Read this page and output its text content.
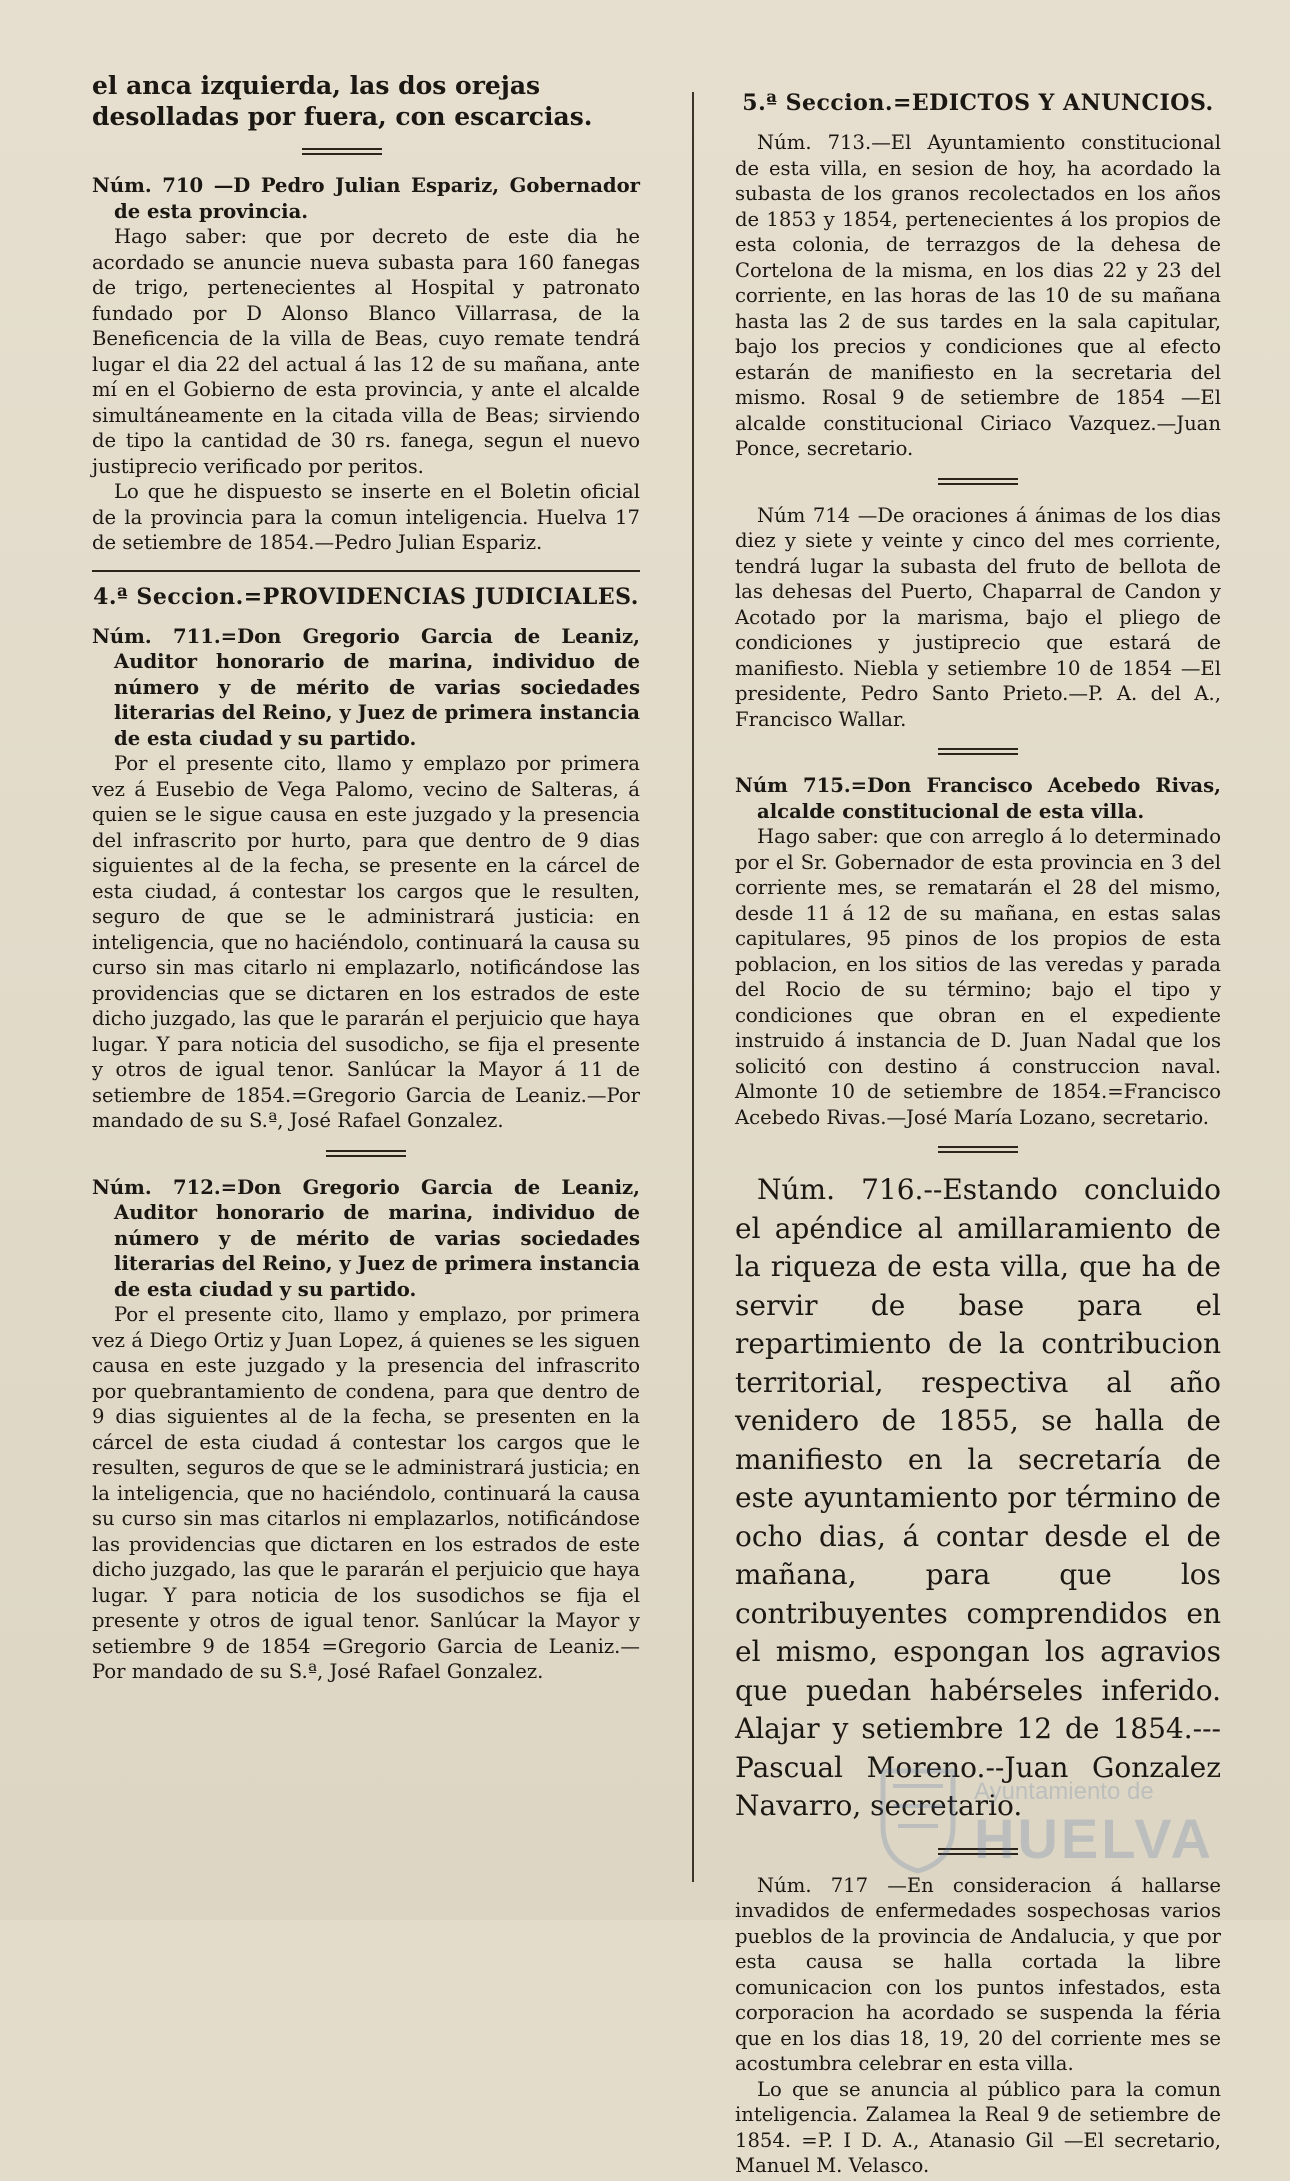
el anca izquierda, las dos orejas desolladas por fuera, con escarcias.

Núm. 710 —D Pedro Julian Espariz, Gobernador de esta provincia.

Hago saber: que por decreto de este dia he acordado se anuncie nueva subasta para 160 fanegas de trigo, pertenecientes al Hospital y patronato fundado por D Alonso Blanco Villarrasa, de la Beneficencia de la villa de Beas, cuyo remate tendrá lugar el dia 22 del actual á las 12 de su mañana, ante mí en el Gobierno de esta provincia, y ante el alcalde simultáneamente en la citada villa de Beas; sirviendo de tipo la cantidad de 30 rs. fanega, segun el nuevo justiprecio verificado por peritos.

Lo que he dispuesto se inserte en el Boletin oficial de la provincia para la comun inteligencia. Huelva 17 de setiembre de 1854.—Pedro Julian Espariz.

4.ª Seccion.=PROVIDENCIAS JUDICIALES.

Núm. 711.=Don Gregorio Garcia de Leaniz, Auditor honorario de marina, individuo de número y de mérito de varias sociedades literarias del Reino, y Juez de primera instancia de esta ciudad y su partido.

Por el presente cito, llamo y emplazo por primera vez á Eusebio de Vega Palomo, vecino de Salteras, á quien se le sigue causa en este juzgado y la presencia del infrascrito por hurto, para que dentro de 9 dias siguientes al de la fecha, se presente en la cárcel de esta ciudad, á contestar los cargos que le resulten, seguro de que se le administrará justicia: en inteligencia, que no haciéndolo, continuará la causa su curso sin mas citarlo ni emplazarlo, notificándose las providencias que se dictaren en los estrados de este dicho juzgado, las que le pararán el perjuicio que haya lugar. Y para noticia del susodicho, se fija el presente y otros de igual tenor. Sanlúcar la Mayor á 11 de setiembre de 1854.=Gregorio Garcia de Leaniz.—Por mandado de su S.ª, José Rafael Gonzalez.

Núm. 712.=Don Gregorio Garcia de Leaniz, Auditor honorario de marina, individuo de número y de mérito de varias sociedades literarias del Reino, y Juez de primera instancia de esta ciudad y su partido.

Por el presente cito, llamo y emplazo, por primera vez á Diego Ortiz y Juan Lopez, á quienes se les siguen causa en este juzgado y la presencia del infrascrito por quebrantamiento de condena, para que dentro de 9 dias siguientes al de la fecha, se presenten en la cárcel de esta ciudad á contestar los cargos que le resulten, seguros de que se le administrará justicia; en la inteligencia, que no haciéndolo, continuará la causa su curso sin mas citarlos ni emplazarlos, notificándose las providencias que dictaren en los estrados de este dicho juzgado, las que le pararán el perjuicio que haya lugar. Y para noticia de los susodichos se fija el presente y otros de igual tenor. Sanlúcar la Mayor y setiembre 9 de 1854 =Gregorio Garcia de Leaniz.—Por mandado de su S.ª, José Rafael Gonzalez.

5.ª Seccion.=EDICTOS Y ANUNCIOS.

Núm. 713.—El Ayuntamiento constitucional de esta villa, en sesion de hoy, ha acordado la subasta de los granos recolectados en los años de 1853 y 1854, pertenecientes á los propios de esta colonia, de terrazgos de la dehesa de Cortelona de la misma, en los dias 22 y 23 del corriente, en las horas de las 10 de su mañana hasta las 2 de sus tardes en la sala capitular, bajo los precios y condiciones que al efecto estarán de manifiesto en la secretaria del mismo. Rosal 9 de setiembre de 1854 —El alcalde constitucional Ciriaco Vazquez.—Juan Ponce, secretario.

Núm 714 —De oraciones á ánimas de los dias diez y siete y veinte y cinco del mes corriente, tendrá lugar la subasta del fruto de bellota de las dehesas del Puerto, Chaparral de Candon y Acotado por la marisma, bajo el pliego de condiciones y justiprecio que estará de manifiesto. Niebla y setiembre 10 de 1854 —El presidente, Pedro Santo Prieto.—P. A. del A., Francisco Wallar.

Núm 715.=Don Francisco Acebedo Rivas, alcalde constitucional de esta villa.

Hago saber: que con arreglo á lo determinado por el Sr. Gobernador de esta provincia en 3 del corriente mes, se rematarán el 28 del mismo, desde 11 á 12 de su mañana, en estas salas capitulares, 95 pinos de los propios de esta poblacion, en los sitios de las veredas y parada del Rocio de su término; bajo el tipo y condiciones que obran en el expediente instruido á instancia de D. Juan Nadal que los solicitó con destino á construccion naval. Almonte 10 de setiembre de 1854.=Francisco Acebedo Rivas.—José María Lozano, secretario.

Núm. 716.--Estando concluido el apéndice al amillaramiento de la riqueza de esta villa, que ha de servir de base para el repartimiento de la contribucion territorial, respectiva al año venidero de 1855, se halla de manifiesto en la secretaría de este ayuntamiento por término de ocho dias, á contar desde el de mañana, para que los contribuyentes comprendidos en el mismo, espongan los agravios que puedan habérseles inferido. Alajar y setiembre 12 de 1854.---Pascual Moreno.--Juan Gonzalez Navarro, secretario.

Núm. 717 —En consideracion á hallarse invadidos de enfermedades sospechosas varios pueblos de la provincia de Andalucia, y que por esta causa se halla cortada la libre comunicacion con los puntos infestados, esta corporacion ha acordado se suspenda la féria que en los dias 18, 19, 20 del corriente mes se acostumbra celebrar en esta villa.

Lo que se anuncia al público para la comun inteligencia. Zalamea la Real 9 de setiembre de 1854. =P. I D. A., Atanasio Gil —El secretario, Manuel M. Velasco.

Ayuntamiento de
HUELVA
